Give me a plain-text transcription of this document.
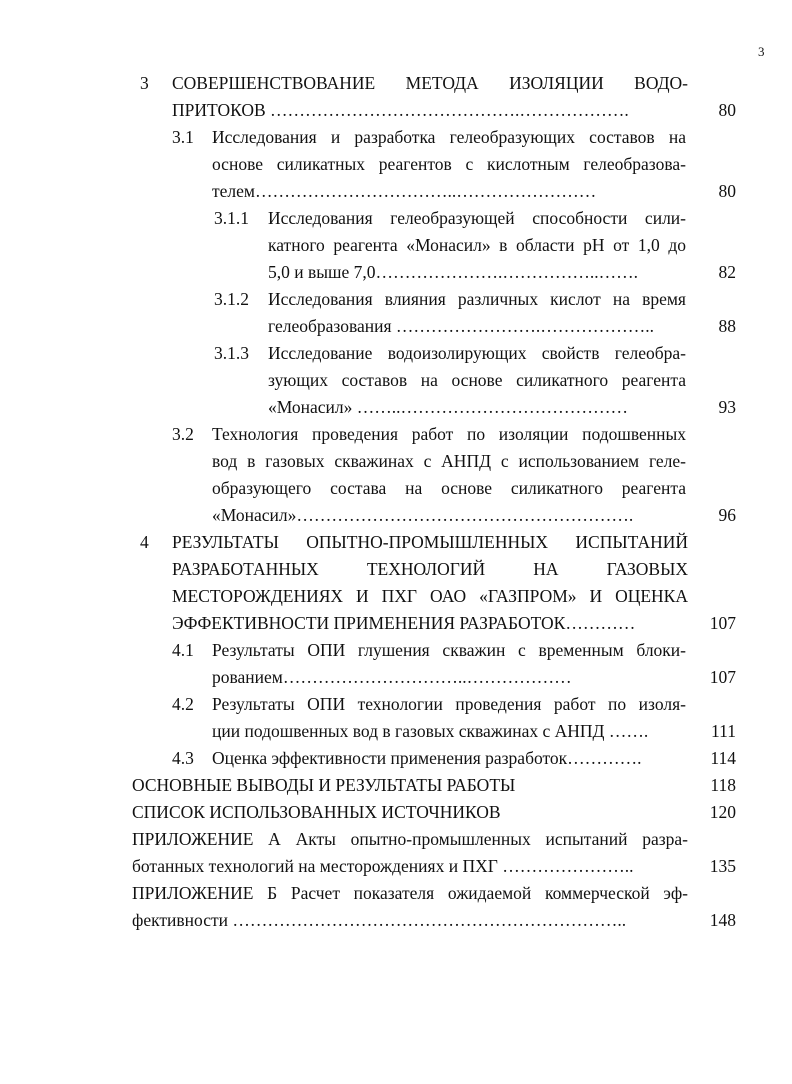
3
3 СОВЕРШЕНСТВОВАНИЕ МЕТОДА ИЗОЛЯЦИИ ВОДО-
ПРИТОКОВ …………………………………….……………….	80
3.1 Исследования и разработка гелеобразующих составов на
основе силикатных реагентов с кислотным гелеобразова-
телем……………………………..……………………	80
3.1.1 Исследования гелеобразующей способности сили-
катного реагента «Монасил» в области pH от 1,0 до
5,0 и выше 7,0………………….……………..…….	82
3.1.2 Исследования влияния различных кислот на время
гелеобразования …………………….………………..	88
3.1.3 Исследование водоизолирующих свойств гелеобра-
зующих составов на основе силикатного реагента
«Монасил» ……..…………………………………	93
3.2 Технология проведения работ по изоляции подошвенных
вод в газовых скважинах с АНПД с использованием геле-
образующего состава на основе силикатного реагента
«Монасил»………………………………………………….	96
4 РЕЗУЛЬТАТЫ ОПЫТНО-ПРОМЫШЛЕННЫХ ИСПЫТАНИЙ
РАЗРАБОТАННЫХ ТЕХНОЛОГИЙ НА ГАЗОВЫХ
МЕСТОРОЖДЕНИЯХ И ПХГ ОАО «ГАЗПРОМ» И ОЦЕНКА
ЭФФЕКТИВНОСТИ ПРИМЕНЕНИЯ РАЗРАБОТОК…………	107
4.1 Результаты ОПИ глушения скважин с временным блоки-
рованием…………………………..………………	107
4.2 Результаты ОПИ технологии проведения работ по изоля-
ции подошвенных вод в газовых скважинах с АНПД …….	111
4.3 Оценка эффективности применения разработок………….	114
ОСНОВНЫЕ ВЫВОДЫ И РЕЗУЛЬТАТЫ РАБОТЫ	118
СПИСОК ИСПОЛЬЗОВАННЫХ ИСТОЧНИКОВ	120
ПРИЛОЖЕНИЕ А Акты опытно-промышленных испытаний разра-
ботанных технологий на месторождениях и ПХГ …………………..	135
ПРИЛОЖЕНИЕ Б Расчет показателя ожидаемой коммерческой эф-
фективности …………………………………………………………..	148
